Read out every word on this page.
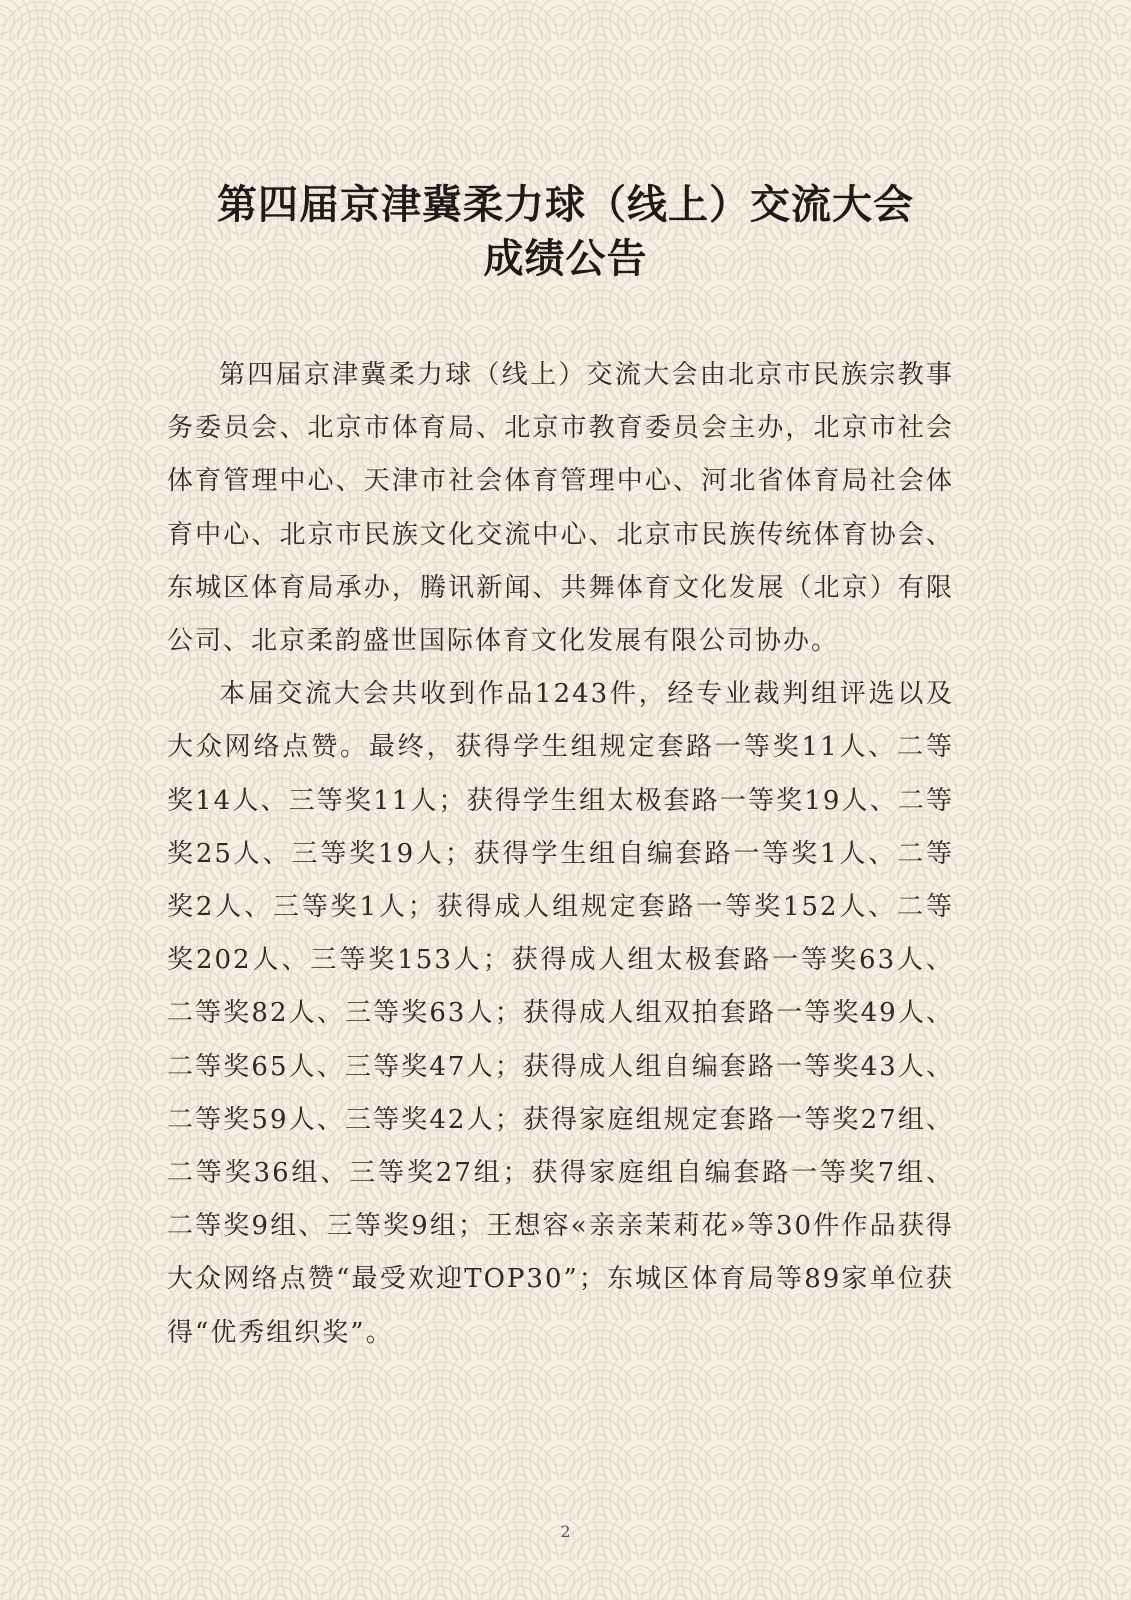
第四届京津冀柔力球（线上）交流大会
成绩公告

第四届京津冀柔力球（线上）交流大会由北京市民族宗教事务委员会、北京市体育局、北京市教育委员会主办，北京市社会体育管理中心、天津市社会体育管理中心、河北省体育局社会体育中心、北京市民族文化交流中心、北京市民族传统体育协会、东城区体育局承办，腾讯新闻、共舞体育文化发展（北京）有限公司、北京柔韵盛世国际体育文化发展有限公司协办。

本届交流大会共收到作品1243件，经专业裁判组评选以及大众网络点赞。最终，获得学生组规定套路一等奖11人、二等奖14人、三等奖11人；获得学生组太极套路一等奖19人、二等奖25人、三等奖19人；获得学生组自编套路一等奖1人、二等奖2人、三等奖1人；获得成人组规定套路一等奖152人、二等奖202人、三等奖153人；获得成人组太极套路一等奖63人、二等奖82人、三等奖63人；获得成人组双拍套路一等奖49人、二等奖65人、三等奖47人；获得成人组自编套路一等奖43人、二等奖59人、三等奖42人；获得家庭组规定套路一等奖27组、二等奖36组、三等奖27组；获得家庭组自编套路一等奖7组、二等奖9组、三等奖9组；王想容«亲亲茉莉花»等30件作品获得大众网络点赞“最受欢迎TOP30”；东城区体育局等89家单位获得“优秀组织奖”。

2
